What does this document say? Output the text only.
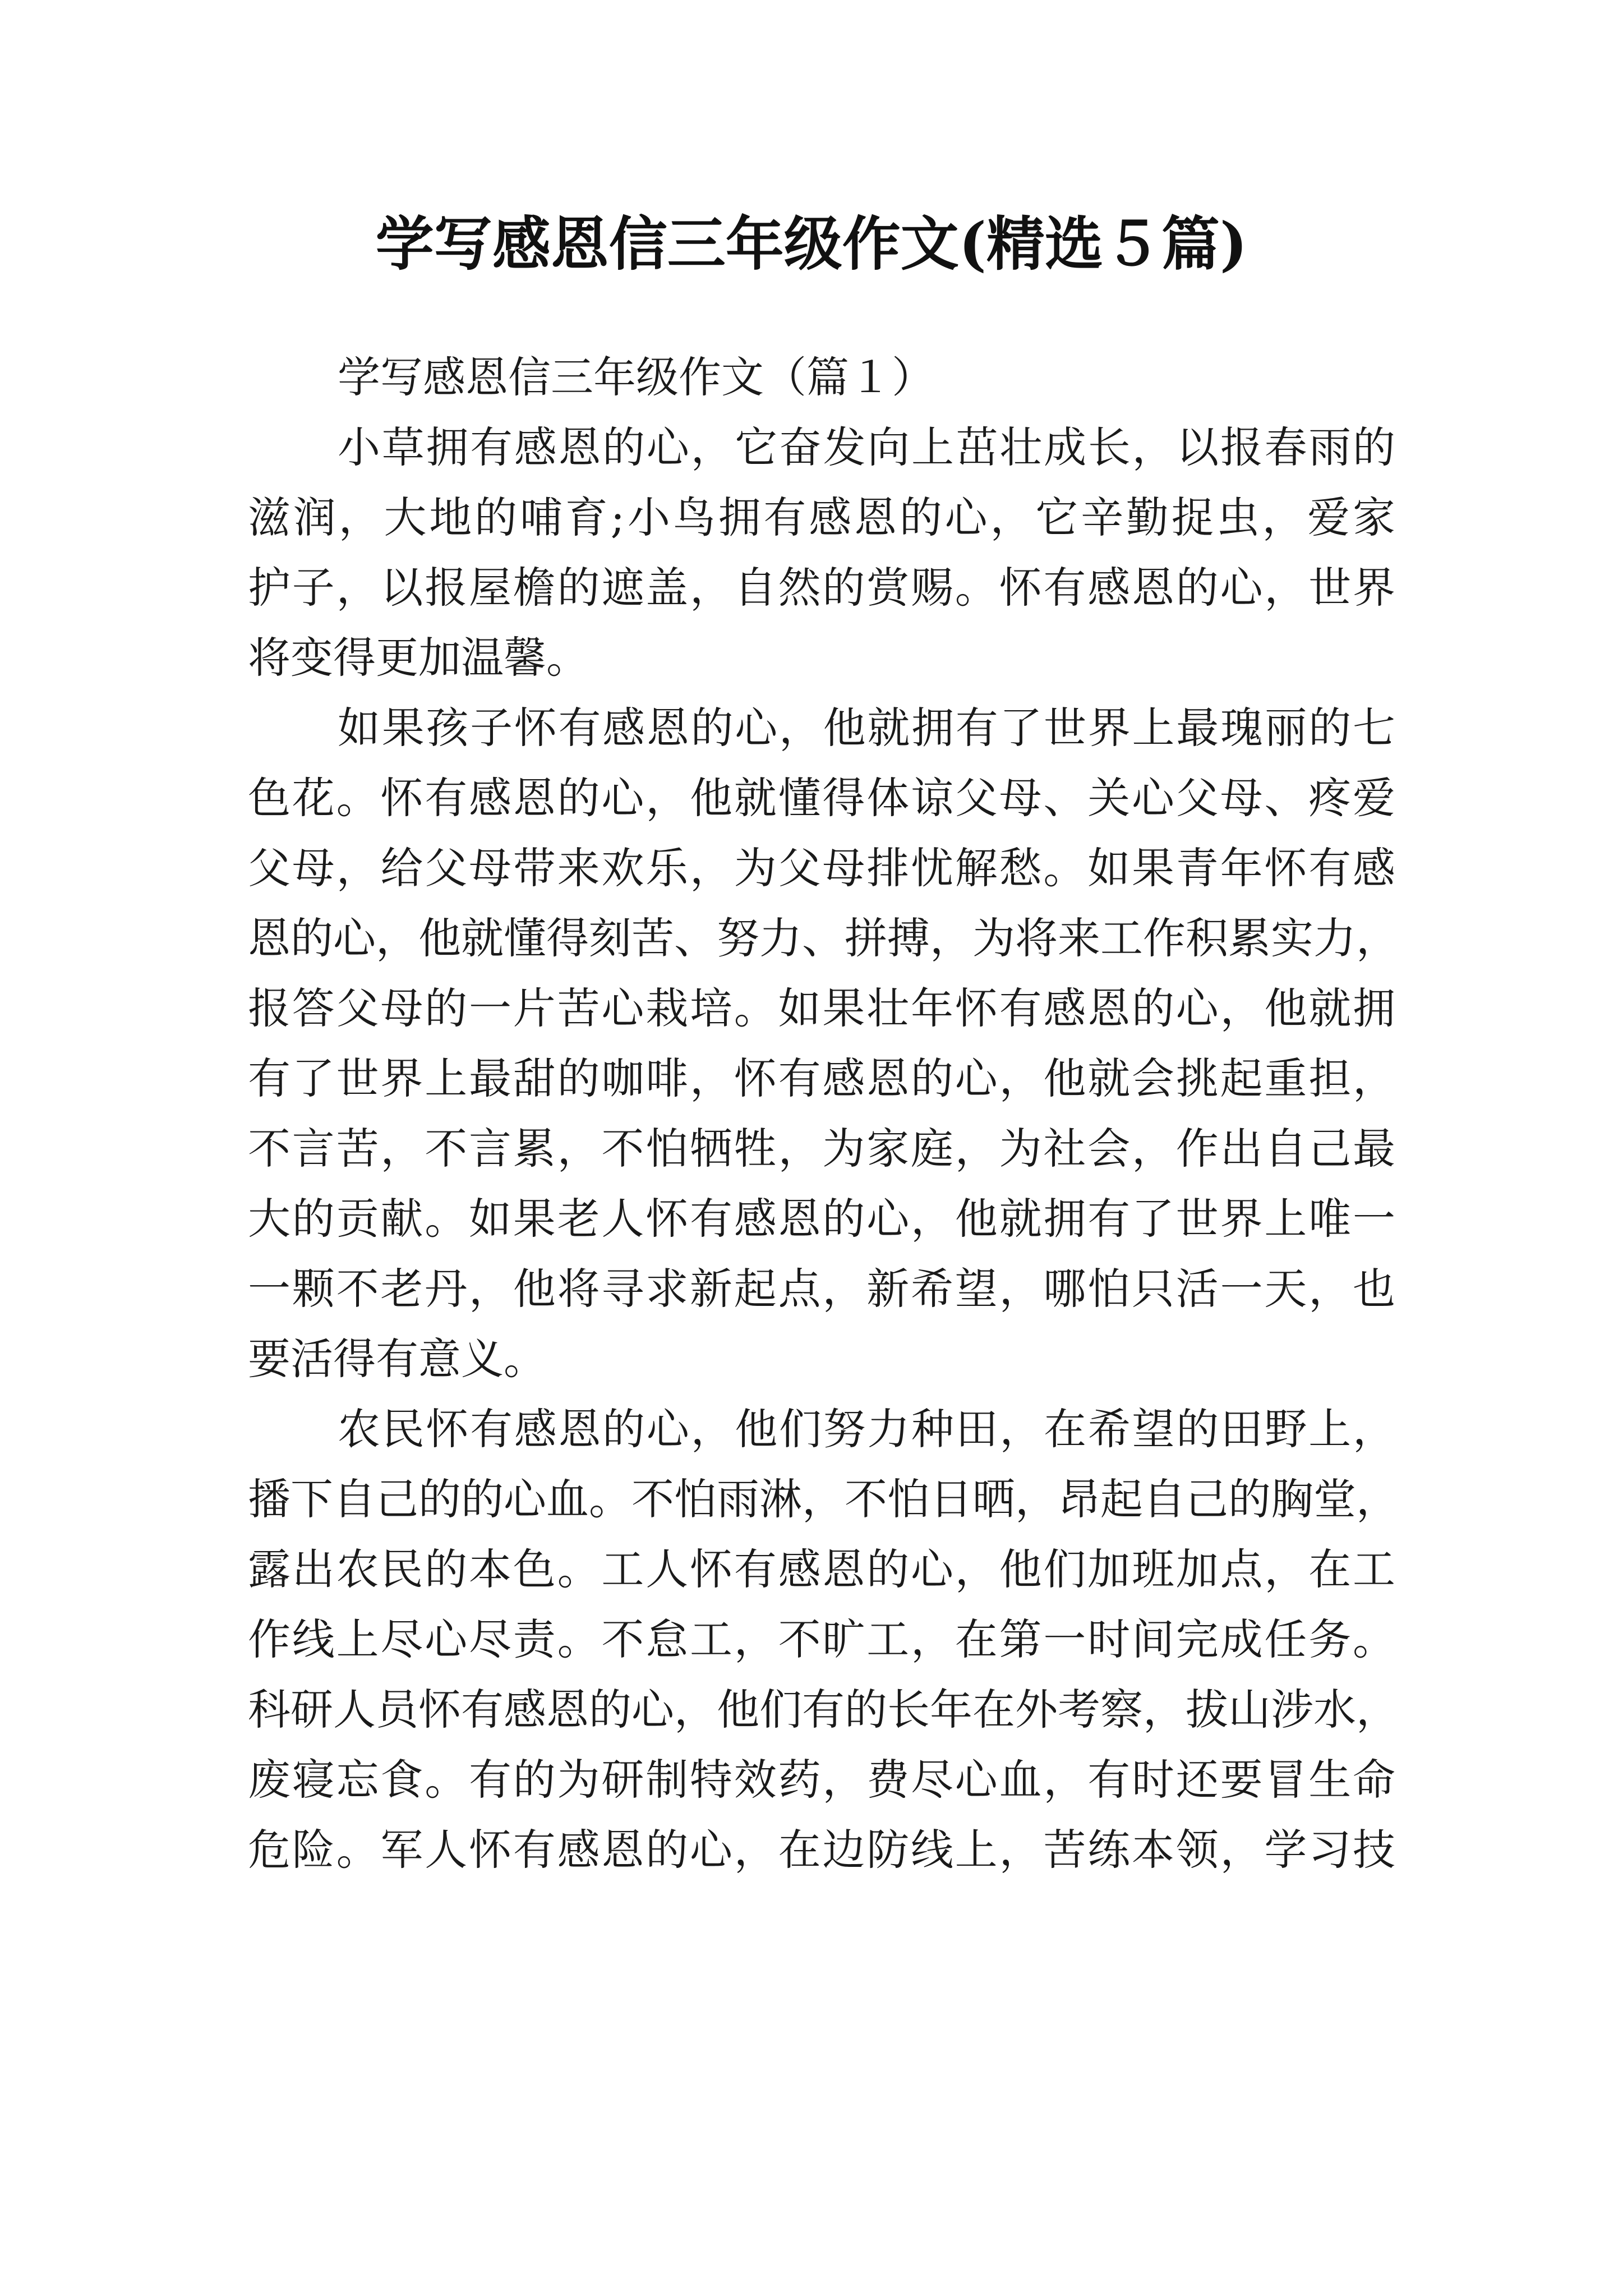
学写感恩信三年级作文(精选５篇)
学写感恩信三年级作文（篇１）

小草拥有感恩的心，它奋发向上茁壮成长，以报春雨的
滋润，大地的哺育;小鸟拥有感恩的心，它辛勤捉虫，爱家
护子，以报屋檐的遮盖，自然的赏赐。怀有感恩的心，世界
将变得更加温馨。

如果孩子怀有感恩的心，他就拥有了世界上最瑰丽的七
色花。怀有感恩的心，他就懂得体谅父母、关心父母、疼爱
父母，给父母带来欢乐，为父母排忧解愁。如果青年怀有感
恩的心，他就懂得刻苦、努力、拼搏，为将来工作积累实力，
报答父母的一片苦心栽培。如果壮年怀有感恩的心，他就拥
有了世界上最甜的咖啡，怀有感恩的心，他就会挑起重担，
不言苦，不言累，不怕牺牲，为家庭，为社会，作出自己最
大的贡献。如果老人怀有感恩的心，他就拥有了世界上唯一
一颗不老丹，他将寻求新起点，新希望，哪怕只活一天，也
要活得有意义。

农民怀有感恩的心，他们努力种田，在希望的田野上，
播下自己的的心血。不怕雨淋，不怕日晒，昂起自己的胸堂，
露出农民的本色。工人怀有感恩的心，他们加班加点，在工
作线上尽心尽责。不怠工，不旷工，在第一时间完成任务。
科研人员怀有感恩的心，他们有的长年在外考察，拔山涉水，
废寝忘食。有的为研制特效药，费尽心血，有时还要冒生命
危险。军人怀有感恩的心，在边防线上，苦练本领，学习技
